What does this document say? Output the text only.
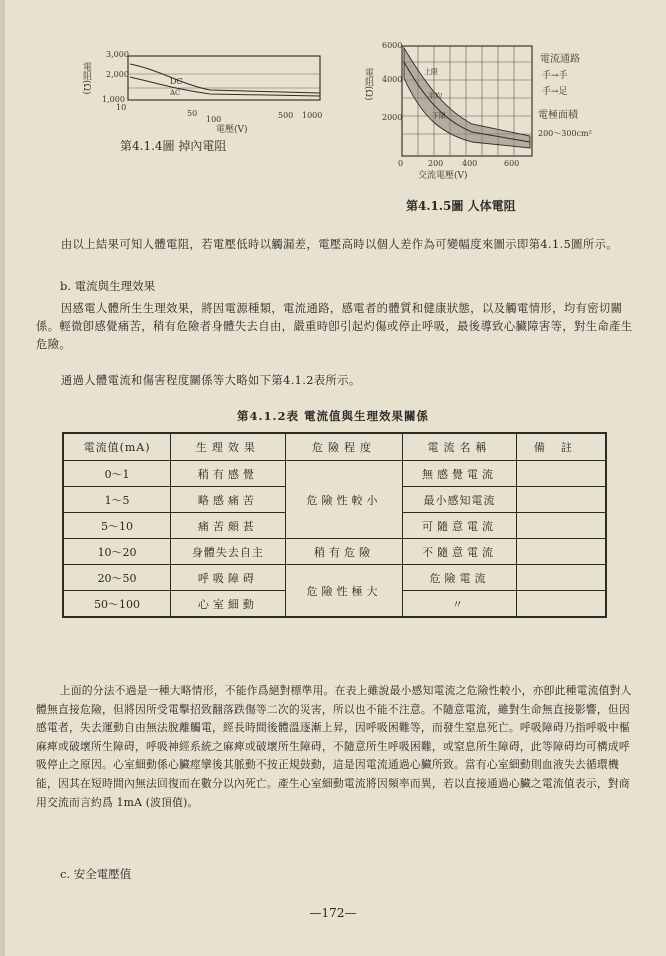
電阻(Ω)
3,000
2,000
1,000
DC
AC
10
50
100	500 1000
電壓(V)
第4.1.4圖 掉內電阻
電阻(Ω)
6000
4000
2000
上限
平均
下限
0	200 400	600
交流電壓(V)
電流通路
手→手
手→足
電極面積
200～300cm²
第4.1.5圖 人体電阻
由以上結果可知人體電阻，若電壓低時以觸漏差，電壓高時以個人差作為可變幅度來圖示即第4.1.5圖所示。
b. 電流與生理效果
因感電人體所生生理效果，將因電源種類，電流通路，感電者的體質和健康狀態，以及觸電情形，均有密切關係。輕微卽感覺痛苦，稍有危險者身體失去自由，嚴重時卽引起灼傷或停止呼吸，最後導致心臟障害等，對生命產生危險。
通過人體電流和傷害程度關係等大略如下第4.1.2表所示。
第4.1.2表 電流值與生理效果關係
電流值(mA)	生理效果	危險程度	電流名稱	備註
0～1	稍有感覺	危險性較小	無感覺電流	
1～5	略感痛苦		最小感知電流	
5～10	痛苦頗甚		可隨意電流	
10～20	身體失去自主	稍有危險	不隨意電流	
20～50	呼吸障碍	危險性極大	危險電流	
50～100	心室細動		〃	
上面的分法不過是一種大略情形，不能作爲絕對標準用。在表上雖說最小感知電流之危險性較小，亦卽此種電流值對人體無直接危險，但將因所受電擊招致翻落跌傷等二次的災害，所以也不能不注意。不隨意電流，雖對生命無直接影響，但因感電者，失去運動自由無法脫離觸電，經長時間後體溫逐漸上昇，因呼吸困難等，而發生窒息死亡。呼吸障碍乃指呼吸中樞麻痺或破壞所生障碍，呼吸神經系統之麻痺或破壞所生障碍，不隨意所生呼吸困難，或窒息所生障碍，此等障碍均可構成呼吸停止之原因。心室細動係心臟痙攣後其脈動不按正規鼓動，這是因電流通過心臟所致。當有心室細動則血液失去循環機能，因其在短時間內無法回復而在數分以內死亡。產生心室細動電流將因頻率而異，若以直接通過心臟之電流值表示，對商用交流而言約爲 1mA (波頂值)。
c. 安全電壓值
—172—
